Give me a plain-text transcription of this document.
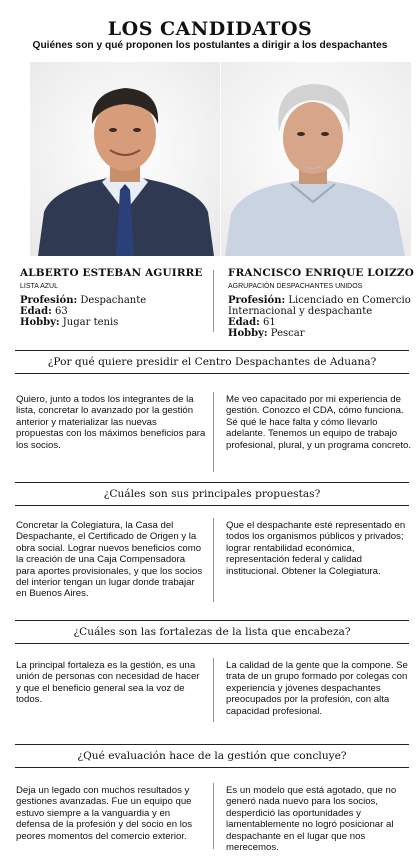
LOS CANDIDATOS
Quiénes son y qué proponen los postulantes a dirigir a los despachantes
ALBERTO ESTEBAN AGUIRRE
LISTA AZUL
Profesión: Despachante
Edad: 63
Hobby: Jugar tenis
FRANCISCO ENRIQUE LOIZZO
AGRUPACIÓN DESPACHANTES UNIDOS
Profesión: Licenciado en Comercio Internacional y despachante
Edad: 61
Hobby: Pescar
¿Por qué quiere presidir el Centro Despachantes de Aduana?
Quiero, junto a todos los integrantes de la lista, concretar lo avanzado por la gestión anterior y materializar las nuevas propuestas con los máximos beneficios para los socios.
Me veo capacitado por mi experiencia de gestión. Conozco el CDA, cómo funciona. Sé qué le hace falta y cómo llevarlo adelante. Tenemos un equipo de trabajo profesional, plural, y un programa concreto.
¿Cuáles son sus principales propuestas?
Concretar la Colegiatura, la Casa del Despachante, el Certificado de Origen y la obra social. Lograr nuevos beneficios como la creación de una Caja Compensadora para aportes provisionales, y que los socios del interior tengan un lugar donde trabajar en Buenos Aires.
Que el despachante esté representado en todos los organismos públicos y privados; lograr rentabilidad económica, representación federal y calidad institucional. Obtener la Colegiatura.
¿Cuáles son las fortalezas de la lista que encabeza?
La principal fortaleza es la gestión, es una unión de personas con necesidad de hacer y que el beneficio general sea la voz de todos.
La calidad de la gente que la compone. Se trata de un grupo formado por colegas con experiencia y jóvenes despachantes preocupados por la profesión, con alta capacidad profesional.
¿Qué evaluación hace de la gestión que concluye?
Deja un legado con muchos resultados y gestiones avanzadas. Fue un equipo que estuvo siempre a la vanguardia y en defensa de la profesión y del socio en los peores momentos del comercio exterior.
Es un modelo que está agotado, que no generó nada nuevo para los socios, desperdició las oportunidades y lamentablemente no logró posicionar al despachante en el lugar que nos merecemos.
